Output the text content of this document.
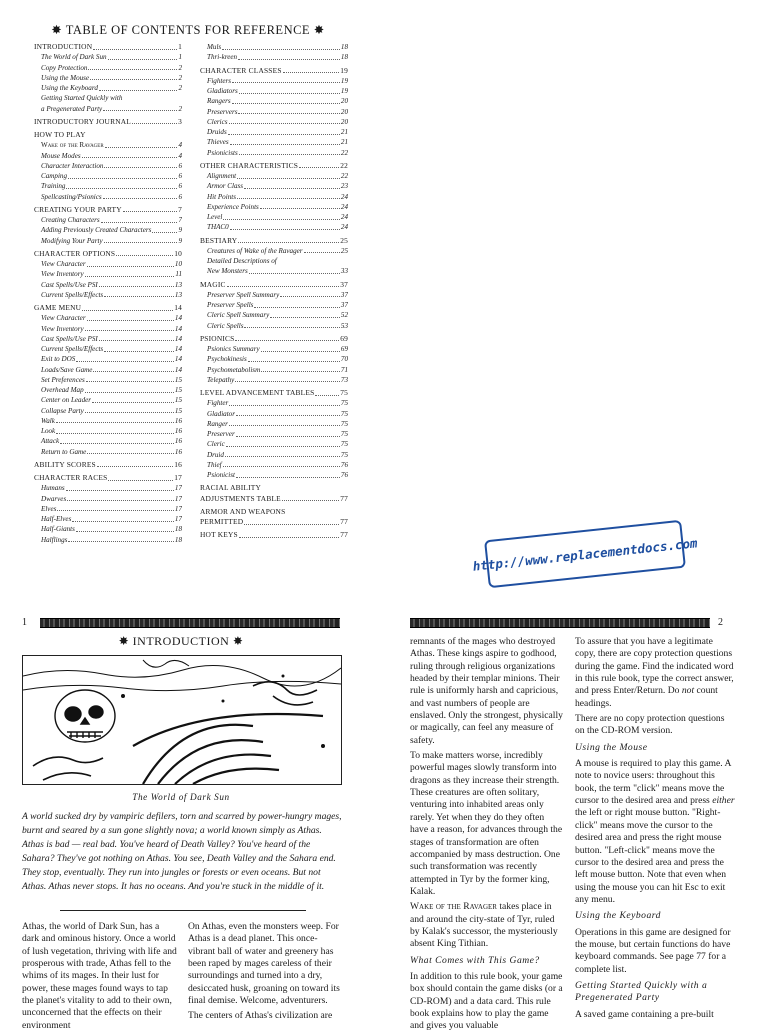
✸ TABLE OF CONTENTS FOR REFERENCE ✸
INTRODUCTION	1
The World of Dark Sun	1
Copy Protection	2
Using the Mouse	2
Using the Keyboard	2
Getting Started Quickly with
a Pregenerated Party	2
INTRODUCTORY JOURNAL	3
HOW TO PLAY
Wake of the Ravager	4
Mouse Modes	4
Character Interaction	6
Camping	6
Training	6
Spellcasting/Psionics	6
CREATING YOUR PARTY	7
Creating Characters	7
Adding Previously Created Characters	9
Modifying Your Party	9
CHARACTER OPTIONS	10
View Character	10
View Inventory	11
Cast Spells/Use PSI	13
Current Spells/Effects	13
GAME MENU	14
View Character	14
View Inventory	14
Cast Spells/Use PSI	14
Current Spells/Effects	14
Exit to DOS	14
Loads/Save Game	14
Set Preferences	15
Overhead Map	15
Center on Leader	15
Collapse Party	15
Walk	16
Look	16
Attack	16
Return to Game	16
ABILITY SCORES	16
CHARACTER RACES	17
Humans	17
Dwarves	17
Elves	17
Half-Elves	17
Half-Giants	18
Halflings	18
Muls	18
Thri-kreen	18
CHARACTER CLASSES	19
Fighters	19
Gladiators	19
Rangers	20
Preservers	20
Clerics	20
Druids	21
Thieves	21
Psionicists	22
OTHER CHARACTERISTICS	22
Alignment	22
Armor Class	23
Hit Points	24
Experience Points	24
Level	24
THAC0	24
BESTIARY	25
Creatures of Wake of the Ravager	25
Detailed Descriptions of
New Monsters	33
MAGIC	37
Preserver Spell Summary	37
Preserver Spells	37
Cleric Spell Summary	52
Cleric Spells	53
PSIONICS	69
Psionics Summary	69
Psychokinesis	70
Psychometabolism	71
Telepathy	73
LEVEL ADVANCEMENT TABLES	75
Fighter	75
Gladiator	75
Ranger	75
Preserver	75
Cleric	75
Druid	75
Thief	76
Psionicist	76
RACIAL ABILITY
ADJUSTMENTS TABLE	77
ARMOR AND WEAPONS
PERMITTED	77
HOT KEYS	77	http://www.replacementdocs.com
1
✸ INTRODUCTION ✸
The World of Dark Sun
A world sucked dry by vampiric defilers, torn and scarred by power-hungry mages, burnt and seared by a sun gone slightly nova; a world known simply as Athas. Athas is bad — real bad. You've heard of Death Valley? You've heard of the Sahara? They've got nothing on Athas. You see, Death Valley and the Sahara end. They stop, eventually. They run into jungles or forests or even oceans. But not Athas. Athas never stops. It has no oceans. And you're stuck in the middle of it.

Athas, the world of Dark Sun, has a dark and ominous history. Once a world of lush vegetation, thriving with life and prosperous with trade, Athas fell to the whims of its mages. In their lust for power, these mages found ways to tap the planet's vitality to add to their own, unconcerned that the effects on their environment

On Athas, even the monsters weep. For Athas is a dead planet. This once-vibrant ball of water and greenery has been raped by mages careless of their surroundings and turned into a dry, desiccated husk, groaning on toward its final demise. Welcome, adventurers.

The centers of Athas's civilization are

2

remnants of the mages who destroyed Athas. These kings aspire to godhood, ruling through religious organizations headed by their templar minions. Their rule is uniformly harsh and capricious, and vast numbers of people are enslaved. Only the strongest, physically or magically, can feel any measure of safety.

To make matters worse, incredibly powerful mages slowly transform into dragons as they increase their strength. These creatures are often solitary, venturing into inhabited areas only rarely. Yet when they do they often have a reason, for advances through the stages of transformation are often accompanied by mass destruction. One such transformation was recently attempted in Tyr by the former king, Kalak.

Wake of the Ravager takes place in and around the city-state of Tyr, ruled by Kalak's successor, the mysteriously absent King Tithian.

What Comes with This Game?

In addition to this rule book, your game box should contain the game disks (or a CD-ROM) and a data card. This rule book explains how to play the game and gives you valuable

To assure that you have a legitimate copy, there are copy protection questions during the game. Find the indicated word in this rule book, type the correct answer, and press Enter/Return. Do not count headings.

There are no copy protection questions on the CD-ROM version.

Using the Mouse

A mouse is required to play this game. A note to novice users: throughout this book, the term "click" means move the cursor to the desired area and press either the left or right mouse button. "Right-click" means move the cursor to the desired area and press the right mouse button. "Left-click" means move the cursor to the desired area and press the left mouse button. Note that even when using the mouse you can hit Esc to exit any menu.

Using the Keyboard

Operations in this game are designed for the mouse, but certain functions do have keyboard commands. See page 77 for a complete list.

Getting Started Quickly with a Pregenerated Party

A saved game containing a pre-built
